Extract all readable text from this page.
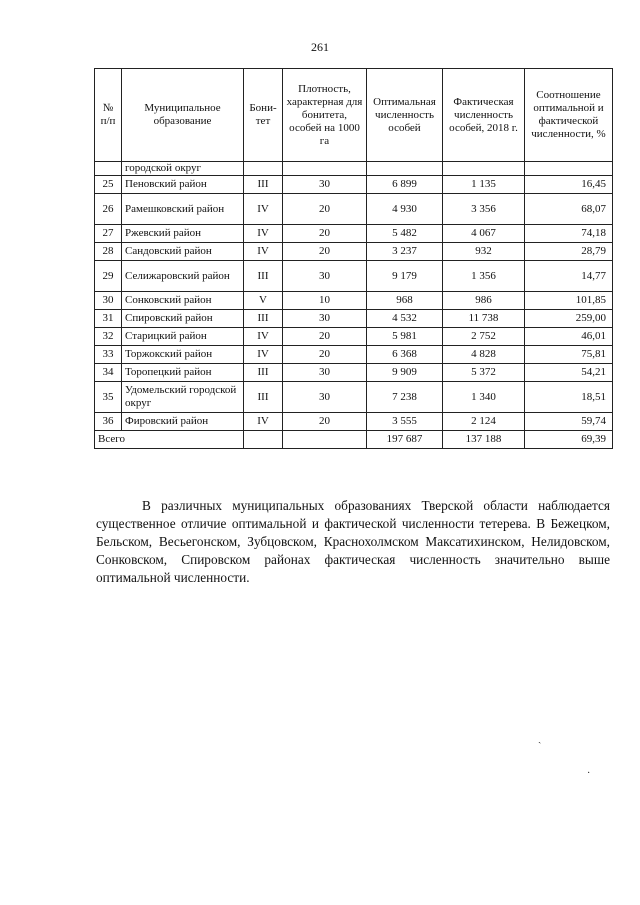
261
№ п/п	Муниципальное образование	Бони-тет	Плотность, характерная для бонитета, особей на 1000 га	Оптимальная численность особей	Фактическая численность особей, 2018 г.	Соотношение оптимальной и фактической численности, %
	городской округ					
25	Пеновский район	III	30	6 899	1 135	16,45
26	Рамешковский район	IV	20	4 930	3 356	68,07
27	Ржевский район	IV	20	5 482	4 067	74,18
28	Сандовский район	IV	20	3 237	932	28,79
29	Селижаровский район	III	30	9 179	1 356	14,77
30	Сонковский район	V	10	968	986	101,85
31	Спировский район	III	30	4 532	11 738	259,00
32	Старицкий район	IV	20	5 981	2 752	46,01
33	Торжокский район	IV	20	6 368	4 828	75,81
34	Торопецкий район	III	30	9 909	5 372	54,21
35	Удомельский городской округ	III	30	7 238	1 340	18,51
36	Фировский район	IV	20	3 555	2 124	59,74
Всего				197 687	137 188	69,39

В различных муниципальных образованиях Тверской области наблюдается существенное отличие оптимальной и фактической численности тетерева. В Бежецком, Бельском, Весьегонском, Зубцовском, Краснохолмском Максатихинском, Нелидовском, Сонковском, Спировском районах фактическая численность значительно выше оптимальной численности.

ˎ
·
